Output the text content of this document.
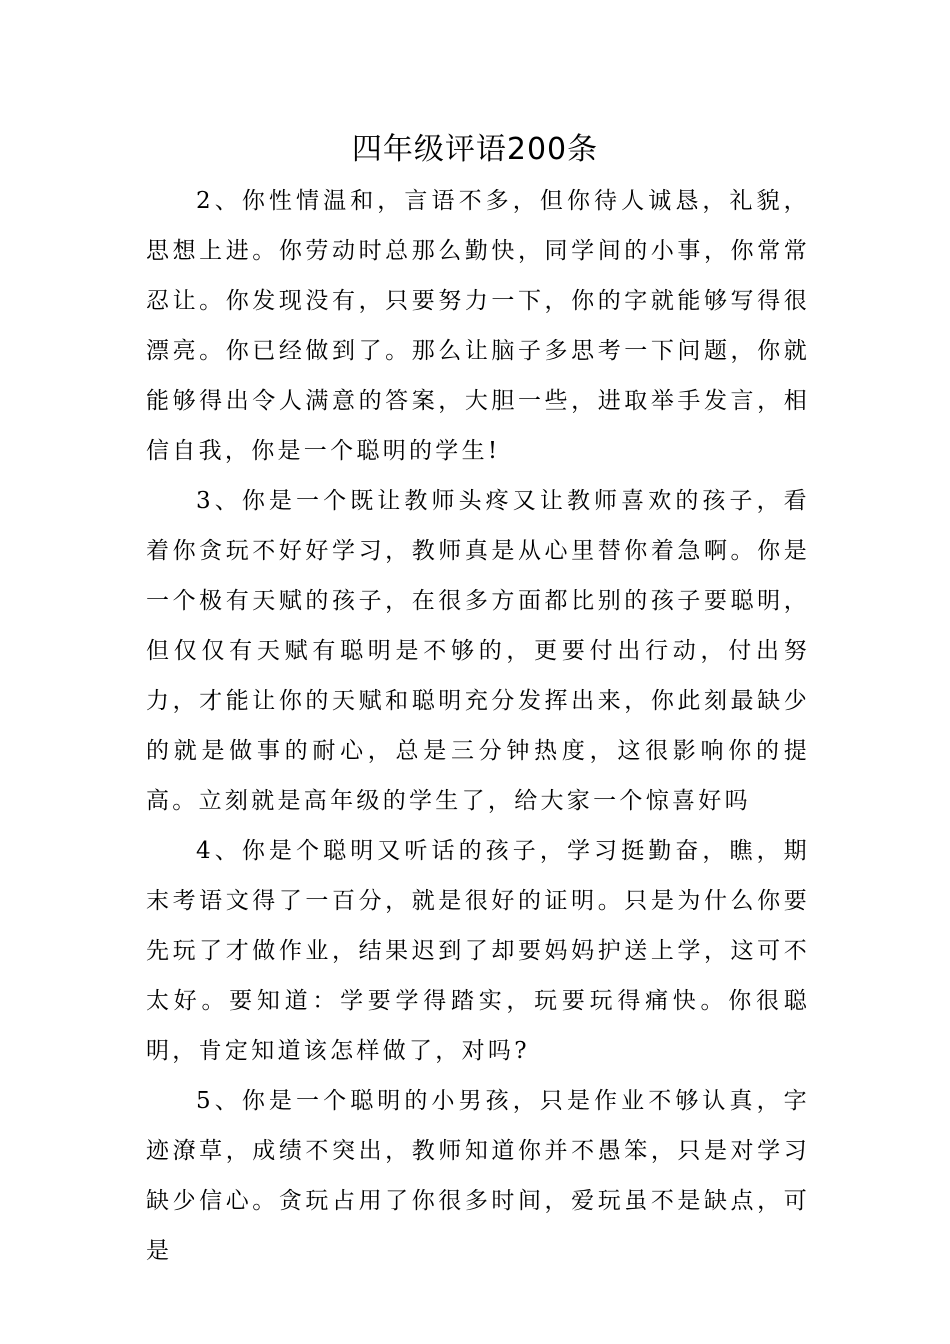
四年级评语200条

2、你性情温和，言语不多，但你待人诚恳，礼貌，思想上进。你劳动时总那么勤快，同学间的小事，你常常忍让。你发现没有，只要努力一下，你的字就能够写得很漂亮。你已经做到了。那么让脑子多思考一下问题，你就能够得出令人满意的答案，大胆一些，进取举手发言，相信自我，你是一个聪明的学生!

3、你是一个既让教师头疼又让教师喜欢的孩子，看着你贪玩不好好学习，教师真是从心里替你着急啊。你是一个极有天赋的孩子，在很多方面都比别的孩子要聪明，但仅仅有天赋有聪明是不够的，更要付出行动，付出努力，才能让你的天赋和聪明充分发挥出来，你此刻最缺少的就是做事的耐心，总是三分钟热度，这很影响你的提高。立刻就是高年级的学生了，给大家一个惊喜好吗

4、你是个聪明又听话的孩子，学习挺勤奋，瞧，期末考语文得了一百分，就是很好的证明。只是为什么你要先玩了才做作业，结果迟到了却要妈妈护送上学，这可不太好。要知道：学要学得踏实，玩要玩得痛快。你很聪明，肯定知道该怎样做了，对吗?

5、你是一个聪明的小男孩，只是作业不够认真，字迹潦草，成绩不突出，教师知道你并不愚笨，只是对学习缺少信心。贪玩占用了你很多时间，爱玩虽不是缺点，可是
